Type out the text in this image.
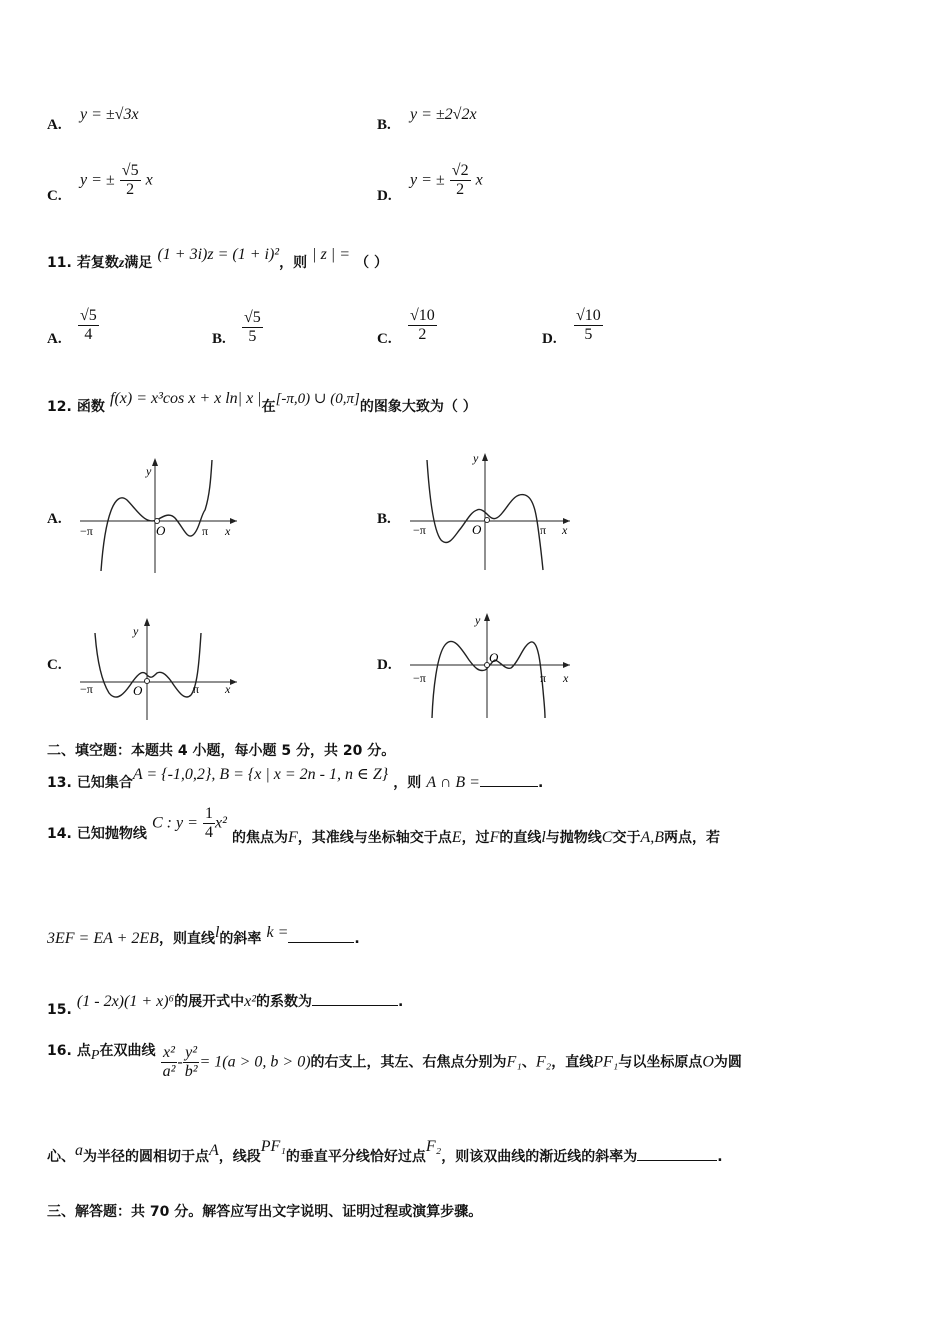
A.
y = ±√3x
B.
y = ±2√2x
C.
y = ± $\frac{√5}{2}$ x
D.
y = ± $\frac{√2}{2}$ x
11. 若复数z满足 (1 + 3i)z = (1 + i)²，则 | z | = （ ）
A. $\frac{√5}{4}$	B. $\frac{√5}{5}$	C. $\frac{√10}{2}$	D. $\frac{√10}{5}$
12. 函数 f(x) = x³cos x + x ln| x |在[-π,0) ∪ (0,π]的图象大致为（ ）
A.
y
x
O
−π	π
B.
y
x
O
−π	π
C.
y
x
O
−π	π
D.
y
x
O
−π	π
二、填空题：本题共 4 小题，每小题 5 分，共 20 分。
13. 已知集合A = {-1,0,2}, B = {x | x = 2n - 1, n ∈ Z} ，则 A ∩ B =	.
14. 已知抛物线 C : $y = \frac{1}{4} x^2$ 的焦点为F，其准线与坐标轴交于点E，过F的直线l与抛物线C交于A,B两点，若
3EF = EA + 2EB，则直线l的斜率 k =	.
15. (1 - 2x)(1 + x)⁶的展开式中x²的系数为	.
16. 点P在双曲线 $\frac{\text{x²}}{\text{a²}} - \frac{\text{y²}}{\text{b²}} = 1(a > 0$, b > 0)的右支上，其左、右焦点分别为F₁、F₂，直线PF₁与以坐标原点O为圆
心、a为半径的圆相切于点A，线段PF₁的垂直平分线恰好过点F₂，则该双曲线的渐近线的斜率为	.
三、解答题：共 70 分。解答应写出文字说明、证明过程或演算步骤。
